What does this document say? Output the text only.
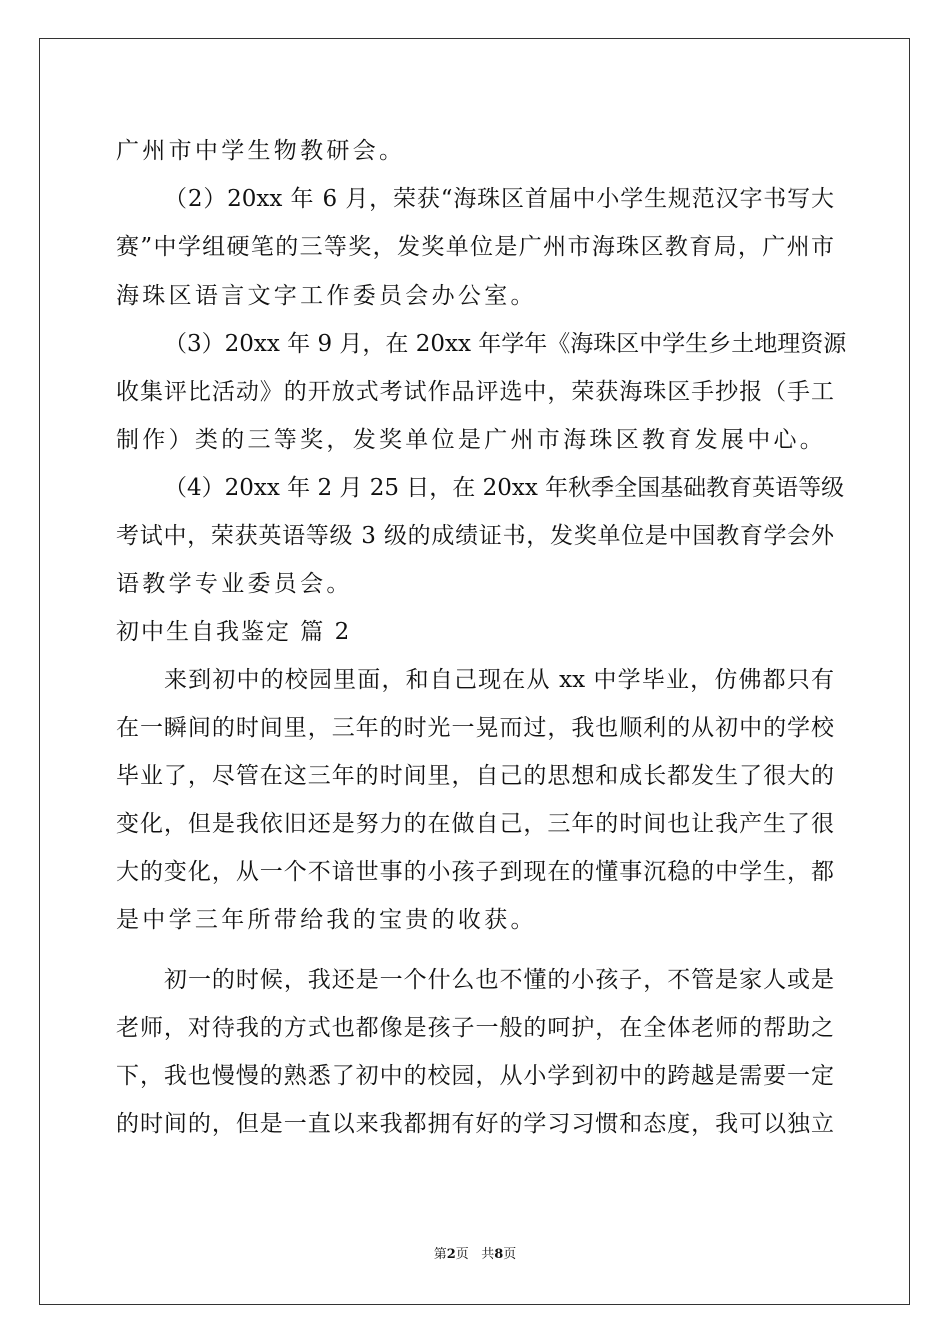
广州市中学生物教研会。
（2）20xx 年 6 月，荣获“海珠区首届中小学生规范汉字书写大
赛”中学组硬笔的三等奖，发奖单位是广州市海珠区教育局，广州市
海珠区语言文字工作委员会办公室。
（3）20xx 年 9 月，在 20xx 年学年《海珠区中学生乡土地理资源
收集评比活动》的开放式考试作品评选中，荣获海珠区手抄报（手工
制作）类的三等奖，发奖单位是广州市海珠区教育发展中心。
（4）20xx 年 2 月 25 日，在 20xx 年秋季全国基础教育英语等级
考试中，荣获英语等级 3 级的成绩证书，发奖单位是中国教育学会外
语教学专业委员会。
初中生自我鉴定 篇 2
来到初中的校园里面，和自己现在从 xx 中学毕业，仿佛都只有
在一瞬间的时间里，三年的时光一晃而过，我也顺利的从初中的学校
毕业了，尽管在这三年的时间里，自己的思想和成长都发生了很大的
变化，但是我依旧还是努力的在做自己，三年的时间也让我产生了很
大的变化，从一个不谙世事的小孩子到现在的懂事沉稳的中学生，都
是中学三年所带给我的宝贵的收获。
初一的时候，我还是一个什么也不懂的小孩子，不管是家人或是
老师，对待我的方式也都像是孩子一般的呵护，在全体老师的帮助之
下，我也慢慢的熟悉了初中的校园，从小学到初中的跨越是需要一定
的时间的，但是一直以来我都拥有好的学习习惯和态度，我可以独立
第2页 共8页
